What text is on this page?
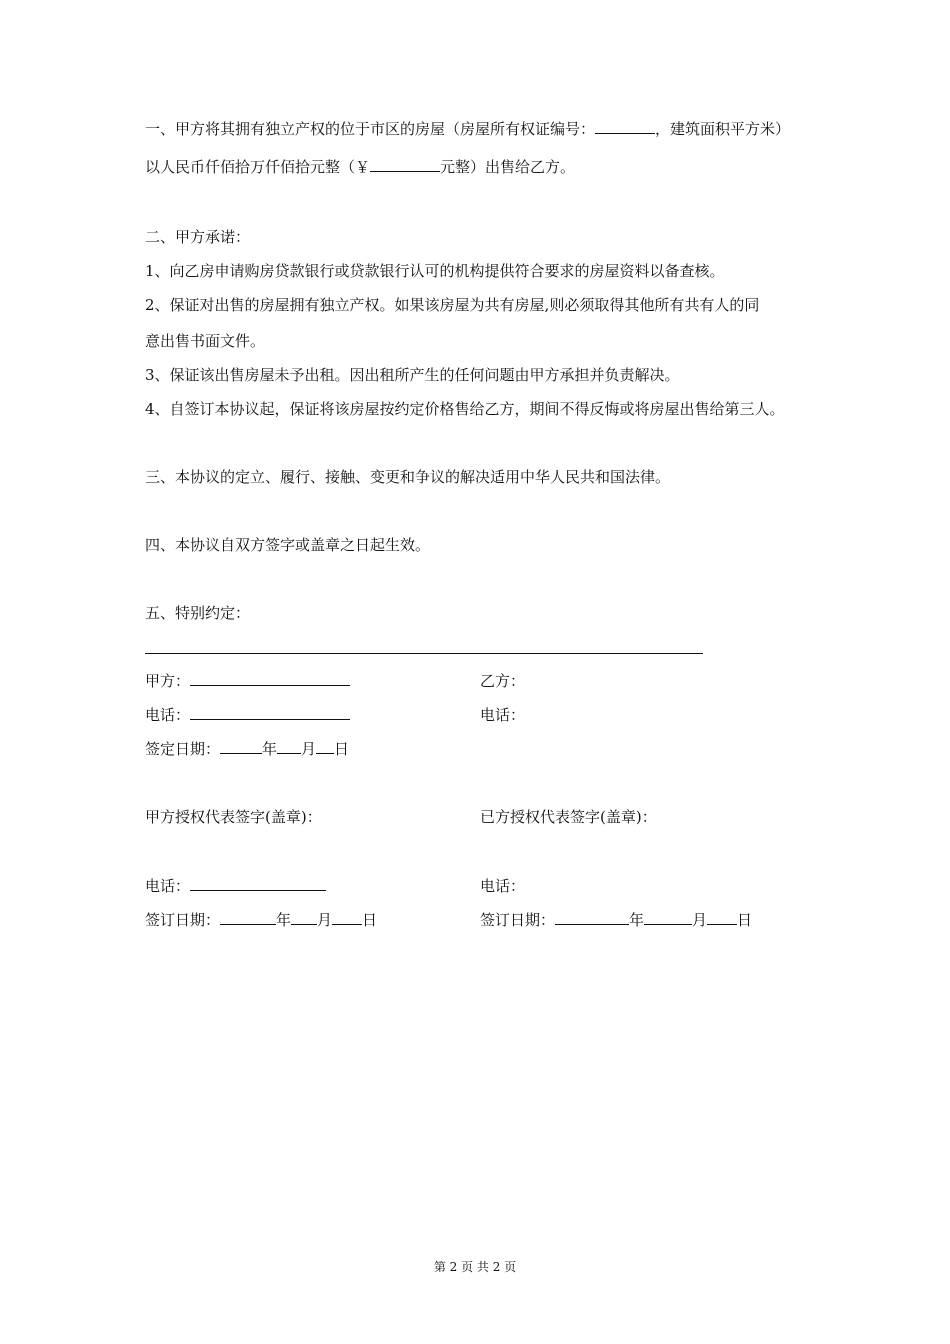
一、甲方将其拥有独立产权的位于市区的房屋（房屋所有权证编号：	，建筑面积平方米）
以人民币仟佰拾万仟佰拾元整（￥	元整）出售给乙方。
二、甲方承诺：
1、向乙房申请购房贷款银行或贷款银行认可的机构提供符合要求的房屋资料以备查核。
2、保证对出售的房屋拥有独立产权。如果该房屋为共有房屋,则必须取得其他所有共有人的同
意出售书面文件。
3、保证该出售房屋未予出租。因出租所产生的任何问题由甲方承担并负责解决。
4、自签订本协议起，保证将该房屋按约定价格售给乙方，期间不得反悔或将房屋出售给第三人。
三、本协议的定立、履行、接触、变更和争议的解决适用中华人民共和国法律。
四、本协议自双方签字或盖章之日起生效。
五、特别约定：
甲方：	乙方：
电话：	电话：
签定日期：	年 月 日
甲方授权代表签字(盖章)：	已方授权代表签字(盖章)：
电话：	电话：
签订日期：	年 月 日	签订日期：	年	月 日
第 2 页 共 2 页
